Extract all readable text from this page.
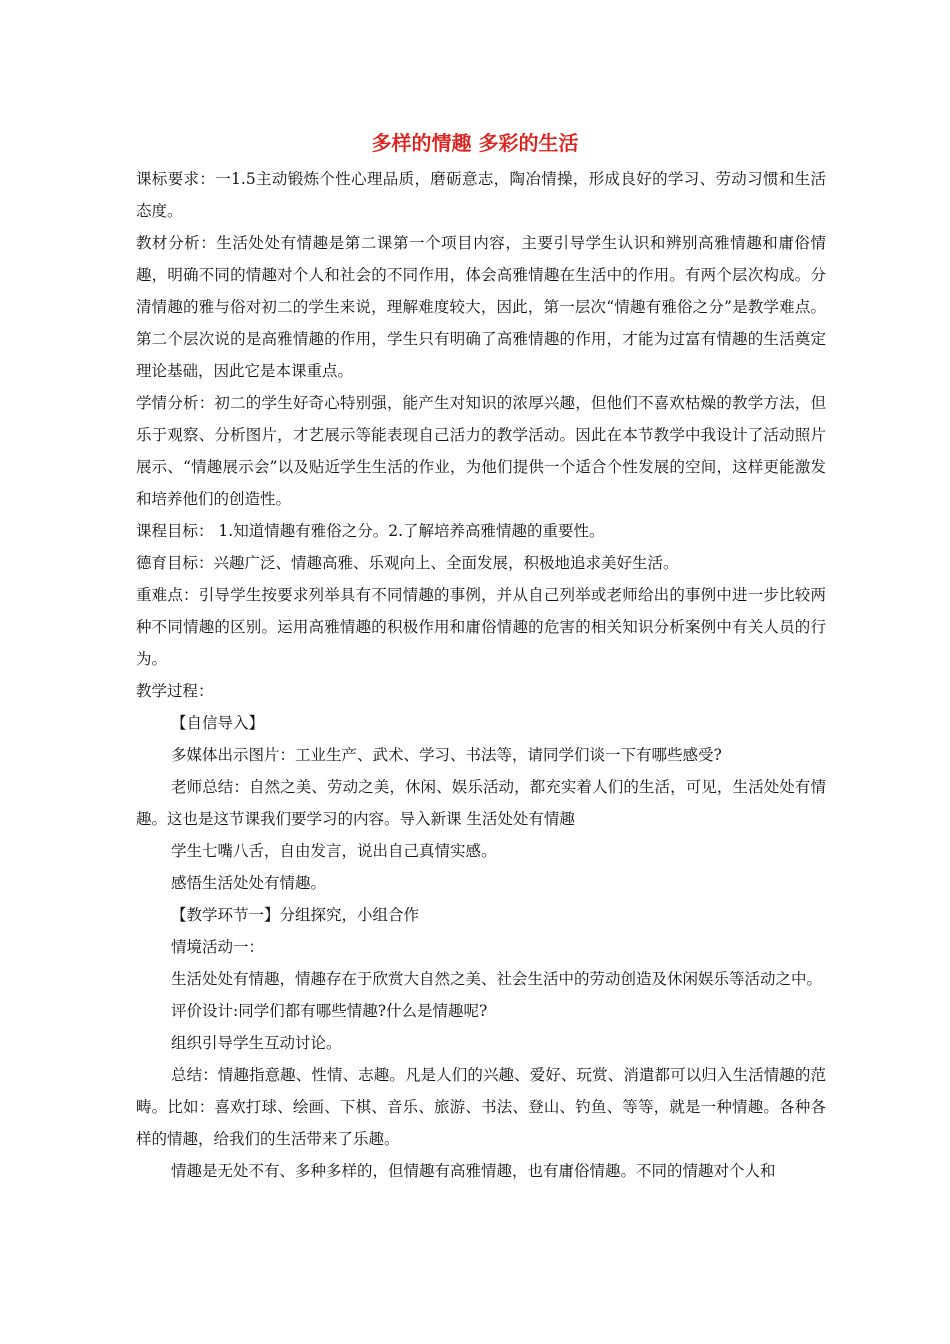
多样的情趣 多彩的生活

课标要求：一1.5主动锻炼个性心理品质，磨砺意志，陶冶情操，形成良好的学习、劳动习惯和生活态度。

教材分析：生活处处有情趣是第二课第一个项目内容，主要引导学生认识和辨别高雅情趣和庸俗情趣，明确不同的情趣对个人和社会的不同作用，体会高雅情趣在生活中的作用。有两个层次构成。分清情趣的雅与俗对初二的学生来说，理解难度较大，因此，第一层次“情趣有雅俗之分”是教学难点。第二个层次说的是高雅情趣的作用，学生只有明确了高雅情趣的作用，才能为过富有情趣的生活奠定理论基础，因此它是本课重点。

学情分析：初二的学生好奇心特别强，能产生对知识的浓厚兴趣，但他们不喜欢枯燥的教学方法，但乐于观察、分析图片，才艺展示等能表现自己活力的教学活动。因此在本节教学中我设计了活动照片展示、“情趣展示会”以及贴近学生生活的作业，为他们提供一个适合个性发展的空间，这样更能激发和培养他们的创造性。

课程目标： 1.知道情趣有雅俗之分。2.了解培养高雅情趣的重要性。

德育目标：兴趣广泛、情趣高雅、乐观向上、全面发展，积极地追求美好生活。

重难点：引导学生按要求列举具有不同情趣的事例，并从自己列举或老师给出的事例中进一步比较两种不同情趣的区别。运用高雅情趣的积极作用和庸俗情趣的危害的相关知识分析案例中有关人员的行为。

教学过程：

【自信导入】

多媒体出示图片：工业生产、武术、学习、书法等，请同学们谈一下有哪些感受?

老师总结：自然之美、劳动之美，休闲、娱乐活动，都充实着人们的生活，可见，生活处处有情趣。这也是这节课我们要学习的内容。导入新课 生活处处有情趣

学生七嘴八舌，自由发言，说出自己真情实感。

感悟生活处处有情趣。

【教学环节一】分组探究，小组合作

情境活动一：

生活处处有情趣，情趣存在于欣赏大自然之美、社会生活中的劳动创造及休闲娱乐等活动之中。

评价设计:同学们都有哪些情趣?什么是情趣呢?

组织引导学生互动讨论。

总结：情趣指意趣、性情、志趣。凡是人们的兴趣、爱好、玩赏、消遣都可以归入生活情趣的范畴。比如：喜欢打球、绘画、下棋、音乐、旅游、书法、登山、钓鱼、等等，就是一种情趣。各种各样的情趣，给我们的生活带来了乐趣。

情趣是无处不有、多种多样的，但情趣有高雅情趣，也有庸俗情趣。不同的情趣对个人和
